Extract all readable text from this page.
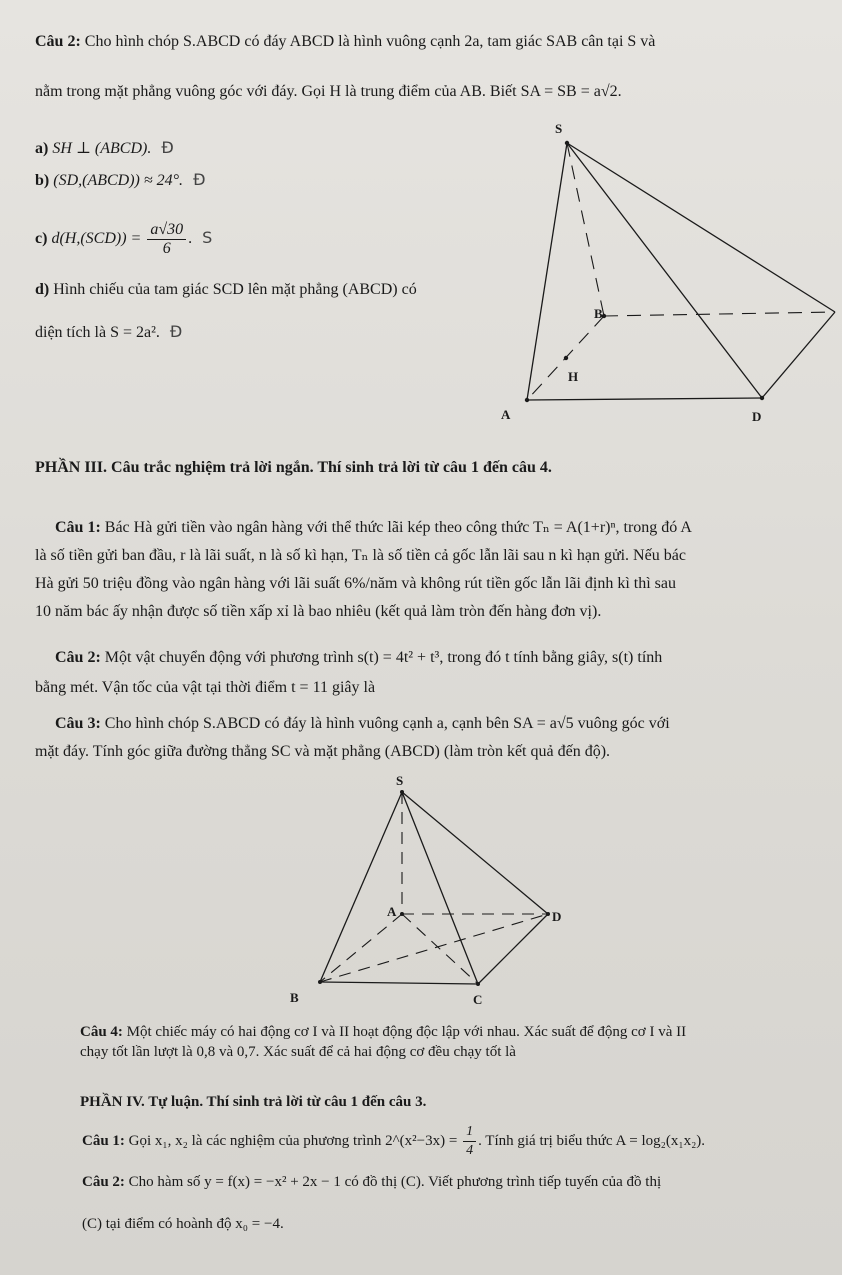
Câu 2: Cho hình chóp S.ABCD có đáy ABCD là hình vuông cạnh 2a, tam giác SAB cân tại S và
nằm trong mặt phẳng vuông góc với đáy. Gọi H là trung điểm của AB. Biết SA = SB = a√2.
a) SH ⊥ (ABCD). Đ
b) (SD,(ABCD)) ≈ 24°. Đ
c) $d(H,(SCD)) = \frac{a√30}{6}$ . S
d) Hình chiếu của tam giác SCD lên mặt phẳng (ABCD) có
diện tích là S = 2a². Đ
S
B
H
A	D
PHẦN III. Câu trắc nghiệm trả lời ngắn. Thí sinh trả lời từ câu 1 đến câu 4.
Câu 1: Bác Hà gửi tiền vào ngân hàng với thể thức lãi kép theo công thức Tₙ = A(1+r)ⁿ, trong đó A
là số tiền gửi ban đầu, r là lãi suất, n là số kì hạn, Tₙ là số tiền cả gốc lẫn lãi sau n kì hạn gửi. Nếu bác
Hà gửi 50 triệu đồng vào ngân hàng với lãi suất 6%/năm và không rút tiền gốc lẫn lãi định kì thì sau
10 năm bác ấy nhận được số tiền xấp xỉ là bao nhiêu (kết quả làm tròn đến hàng đơn vị).
Câu 2: Một vật chuyển động với phương trình s(t) = 4t² + t³, trong đó t tính bằng giây, s(t) tính
bằng mét. Vận tốc của vật tại thời điểm t = 11 giây là
Câu 3: Cho hình chóp S.ABCD có đáy là hình vuông cạnh a, cạnh bên SA = a√5 vuông góc với
mặt đáy. Tính góc giữa đường thẳng SC và mặt phẳng (ABCD) (làm tròn kết quả đến độ).
S
A	D
B	C
Câu 4: Một chiếc máy có hai động cơ I và II hoạt động độc lập với nhau. Xác suất để động cơ I và II
chạy tốt lần lượt là 0,8 và 0,7. Xác suất để cả hai động cơ đều chạy tốt là
PHẦN IV. Tự luận. Thí sinh trả lời từ câu 1 đến câu 3.
Câu 1: Gọi x₁, x₂ là các nghiệm của phương trình 2^(x²−3x) = $\frac{1}{4}$ . Tính giá trị biểu thức A = log₂(x₁x₂).
Câu 2: Cho hàm số y = f(x) = −x² + 2x − 1 có đồ thị (C). Viết phương trình tiếp tuyến của đồ thị
(C) tại điểm có hoành độ x₀ = −4.
